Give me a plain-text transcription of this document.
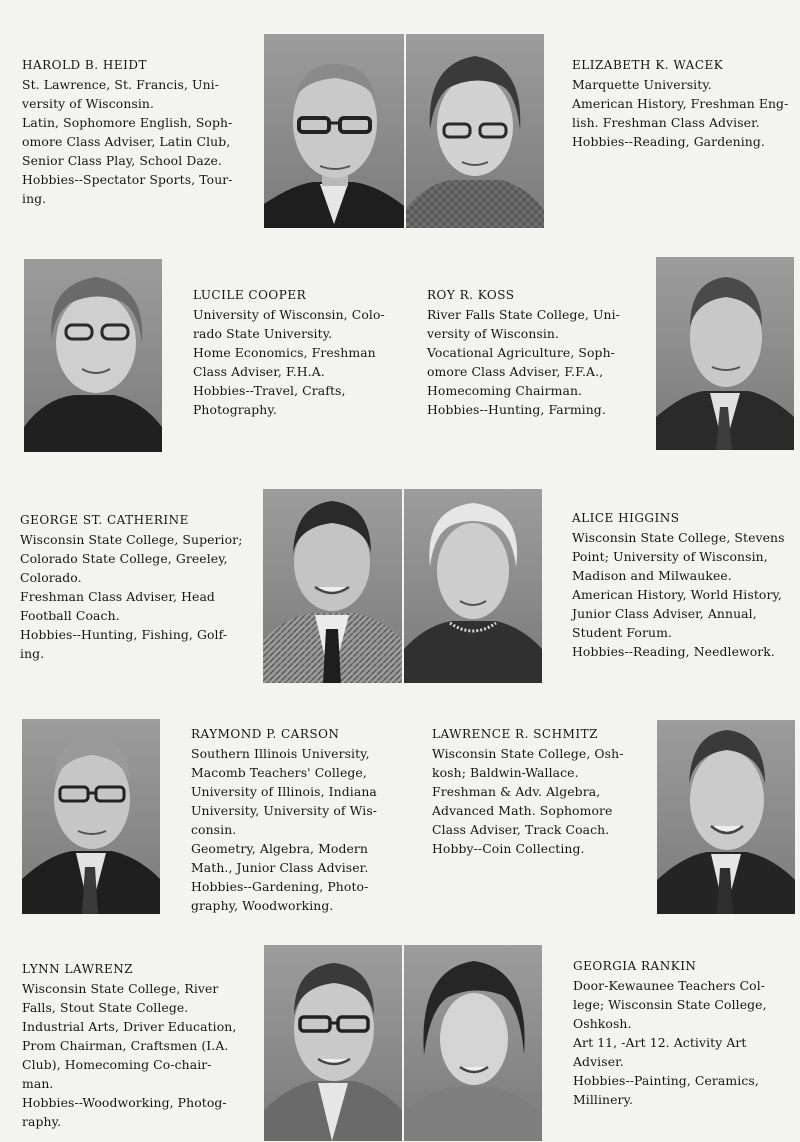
HAROLD B. HEIDT
St. Lawrence, St. Francis, Uni-
versity of Wisconsin.
Latin, Sophomore English, Soph-
omore Class Adviser, Latin Club,
Senior Class Play, School Daze.
Hobbies--Spectator Sports, Tour-
ing.
ELIZABETH K. WACEK
Marquette University.
American History, Freshman Eng-
lish. Freshman Class Adviser.
Hobbies--Reading, Gardening.
LUCILE COOPER
University of Wisconsin, Colo-
rado State University.
Home Economics, Freshman
Class Adviser, F.H.A.
Hobbies--Travel, Crafts,
Photography.
ROY R. KOSS
River Falls State College, Uni-
versity of Wisconsin.
Vocational Agriculture, Soph-
omore Class Adviser, F.F.A.,
Homecoming Chairman.
Hobbies--Hunting, Farming.
GEORGE ST. CATHERINE
Wisconsin State College, Superior;
Colorado State College, Greeley,
Colorado.
Freshman Class Adviser, Head
Football Coach.
Hobbies--Hunting, Fishing, Golf-
ing.
ALICE HIGGINS
Wisconsin State College, Stevens
Point; University of Wisconsin,
Madison and Milwaukee.
American History, World History,
Junior Class Adviser, Annual,
Student Forum.
Hobbies--Reading, Needlework.
RAYMOND P. CARSON
Southern Illinois University,
Macomb Teachers' College,
University of Illinois, Indiana
University, University of Wis-
consin.
Geometry, Algebra, Modern
Math., Junior Class Adviser.
Hobbies--Gardening, Photo-
graphy, Woodworking.
LAWRENCE R. SCHMITZ
Wisconsin State College, Osh-
kosh; Baldwin-Wallace.
Freshman & Adv. Algebra,
Advanced Math. Sophomore
Class Adviser, Track Coach.
Hobby--Coin Collecting.
LYNN LAWRENZ
Wisconsin State College, River
Falls, Stout State College.
Industrial Arts, Driver Education,
Prom Chairman, Craftsmen (I.A.
Club), Homecoming Co-chair-
man.
Hobbies--Woodworking, Photog-
raphy.
GEORGIA RANKIN
Door-Kewaunee Teachers Col-
lege; Wisconsin State College,
Oshkosh.
Art 11, -Art 12. Activity Art
Adviser.
Hobbies--Painting, Ceramics,
Millinery.
